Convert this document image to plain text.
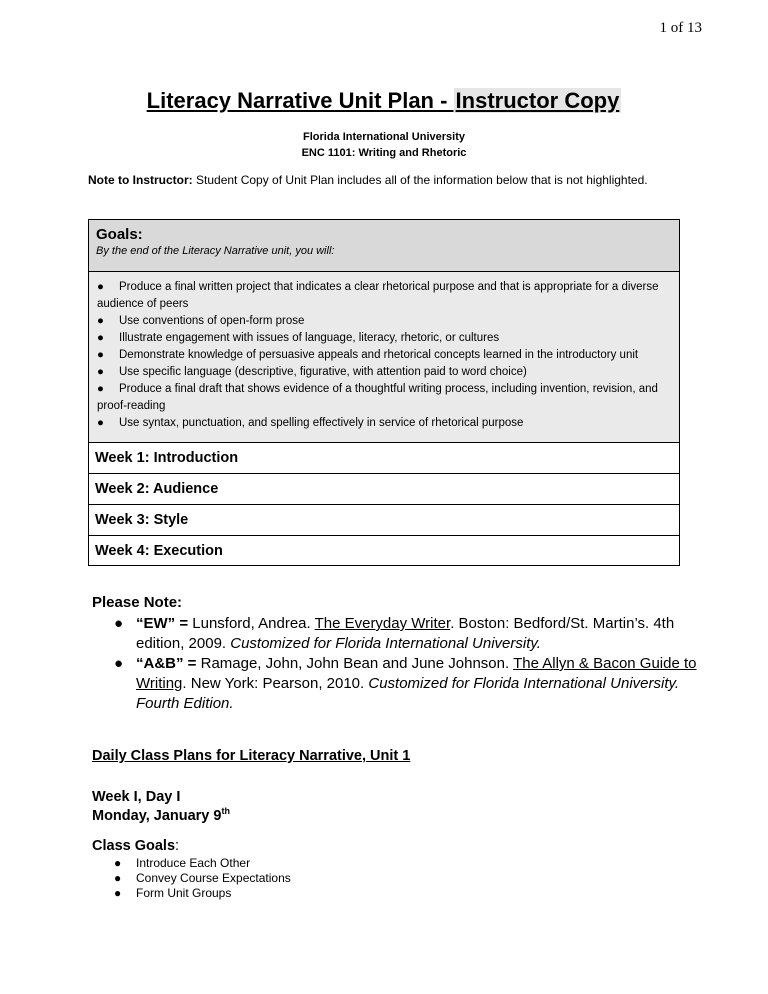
1 of 13
Literacy Narrative Unit Plan - Instructor Copy
Florida International University
ENC 1101: Writing and Rhetoric
Note to Instructor: Student Copy of Unit Plan includes all of the information below that is not highlighted.
Goals:
By the end of the Literacy Narrative unit, you will:
● Produce a final written project that indicates a clear rhetorical purpose and that is appropriate for a diverse audience of peers
● Use conventions of open-form prose
● Illustrate engagement with issues of language, literacy, rhetoric, or cultures
● Demonstrate knowledge of persuasive appeals and rhetorical concepts learned in the introductory unit
● Use specific language (descriptive, figurative, with attention paid to word choice)
● Produce a final draft that shows evidence of a thoughtful writing process, including invention, revision, and proof-reading
● Use syntax, punctuation, and spelling effectively in service of rhetorical purpose
Week 1: Introduction
Week 2: Audience
Week 3: Style
Week 4: Execution
Please Note:
● “EW” = Lunsford, Andrea. The Everyday Writer. Boston: Bedford/St. Martin’s. 4th edition, 2009. Customized for Florida International University.
● “A&B” = Ramage, John, John Bean and June Johnson. The Allyn & Bacon Guide to Writing. New York: Pearson, 2010. Customized for Florida International University. Fourth Edition.
Daily Class Plans for Literacy Narrative, Unit 1
Week I, Day I
Monday, January 9th
Class Goals:
●	Introduce Each Other
●	Convey Course Expectations
●	Form Unit Groups
